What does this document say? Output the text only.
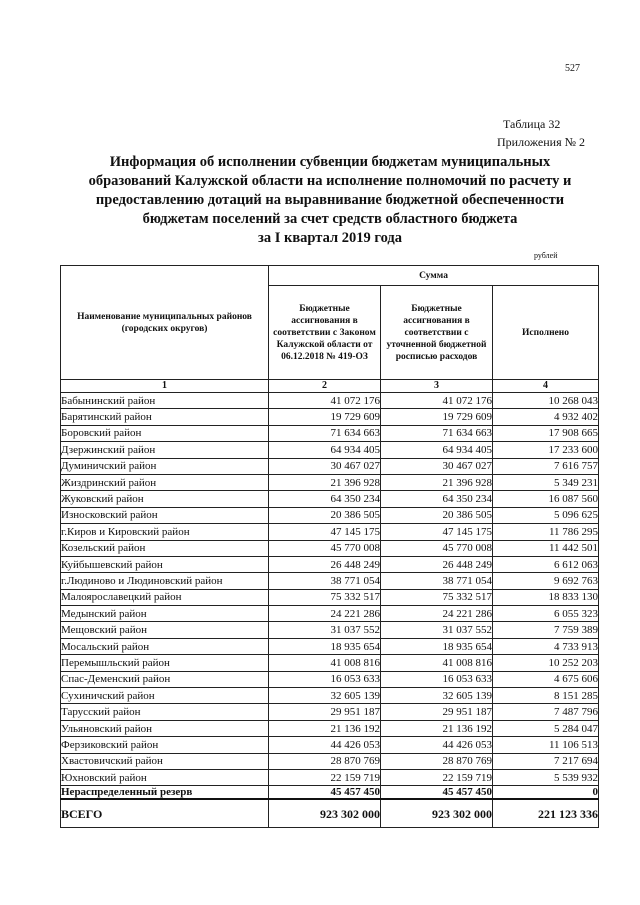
527
Таблица 32
Приложения № 2
Информация об исполнении субвенции бюджетам муниципальных
образований Калужской области на исполнение полномочий по расчету и
предоставлению дотаций на выравнивание бюджетной обеспеченности
бюджетам поселений за счет средств областного бюджета
за I квартал 2019 года
рублей
Наименование муниципальных районов (городских округов)	Сумма		
	Бюджетные ассигнования в соответствии с Законом Калужской области от 06.12.2018 № 419-ОЗ	Бюджетные ассигнования в соответствии с уточненной бюджетной росписью расходов	Исполнено
1	2	3	4
Бабынинский район	41 072 176	41 072 176	10 268 043
Барятинский район	19 729 609	19 729 609	4 932 402
Боровский район	71 634 663	71 634 663	17 908 665
Дзержинский район	64 934 405	64 934 405	17 233 600
Думиничский район	30 467 027	30 467 027	7 616 757
Жиздринский район	21 396 928	21 396 928	5 349 231
Жуковский район	64 350 234	64 350 234	16 087 560
Износковский район	20 386 505	20 386 505	5 096 625
г.Киров и Кировский район	47 145 175	47 145 175	11 786 295
Козельский район	45 770 008	45 770 008	11 442 501
Куйбышевский район	26 448 249	26 448 249	6 612 063
г.Людиново и Людиновский район	38 771 054	38 771 054	9 692 763
Малоярославецкий район	75 332 517	75 332 517	18 833 130
Медынский район	24 221 286	24 221 286	6 055 323
Мещовский район	31 037 552	31 037 552	7 759 389
Мосальский район	18 935 654	18 935 654	4 733 913
Перемышльский район	41 008 816	41 008 816	10 252 203
Спас-Деменский район	16 053 633	16 053 633	4 675 606
Сухиничский район	32 605 139	32 605 139	8 151 285
Тарусский район	29 951 187	29 951 187	7 487 796
Ульяновский район	21 136 192	21 136 192	5 284 047
Ферзиковский район	44 426 053	44 426 053	11 106 513
Хвастовичский район	28 870 769	28 870 769	7 217 694
Юхновский район	22 159 719	22 159 719	5 539 932
Нераспределенный резерв	45 457 450	45 457 450	0
ВСЕГО	923 302 000	923 302 000	221 123 336
